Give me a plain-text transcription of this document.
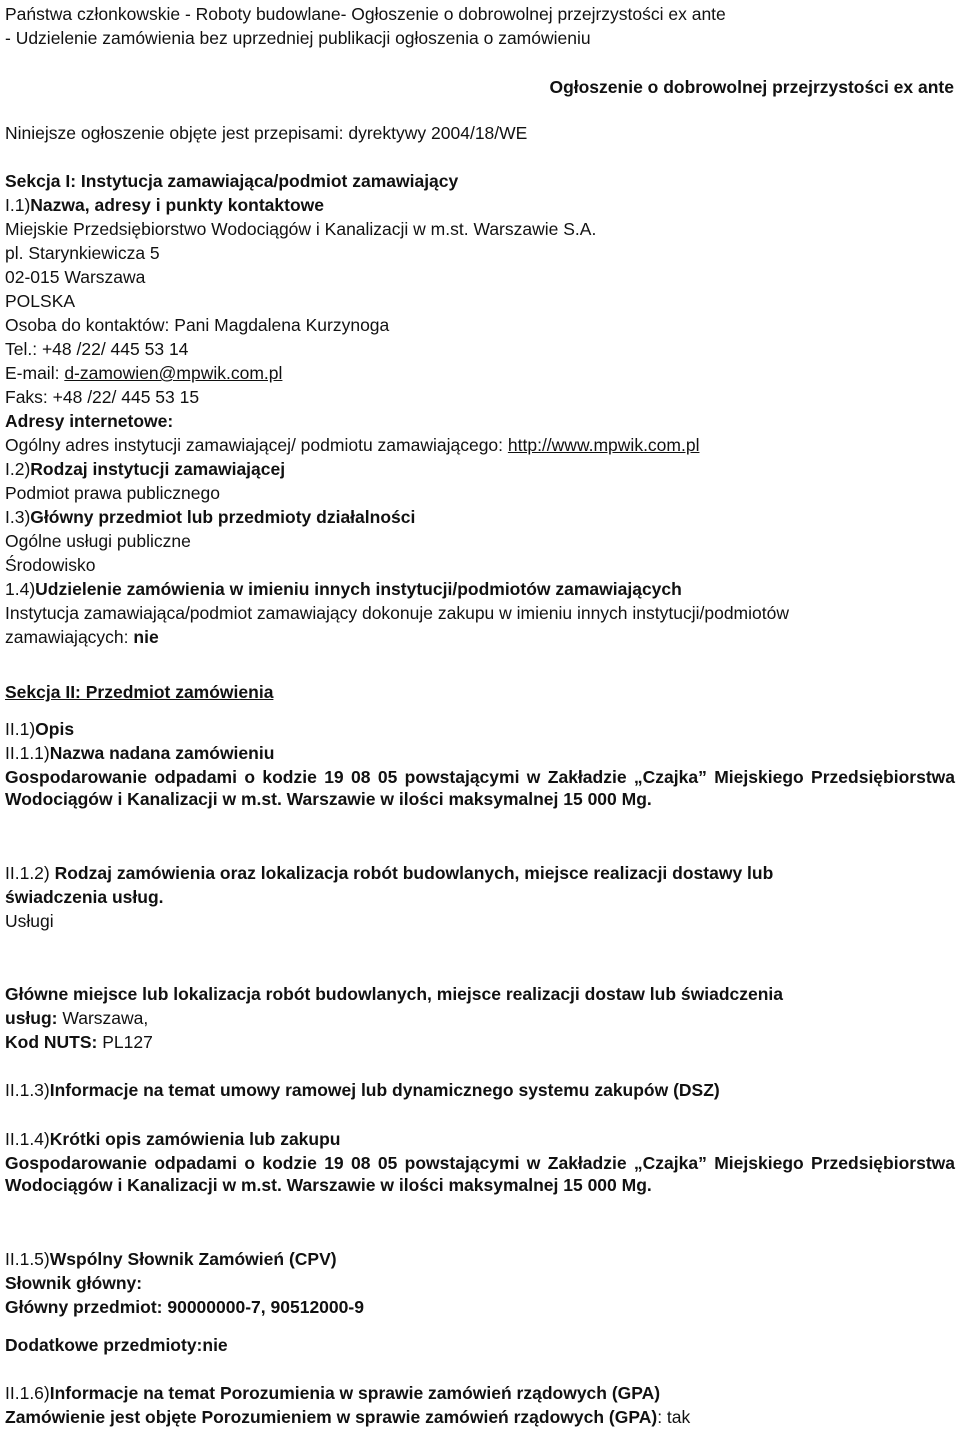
Państwa członkowskie - Roboty budowlane- Ogłoszenie o dobrowolnej przejrzystości ex ante
- Udzielenie zamówienia bez uprzedniej publikacji ogłoszenia o zamówieniu
Ogłoszenie o dobrowolnej przejrzystości ex ante
Niniejsze ogłoszenie objęte jest przepisami: dyrektywy 2004/18/WE
Sekcja I: Instytucja zamawiająca/podmiot zamawiający
I.1)Nazwa, adresy i punkty kontaktowe
Miejskie Przedsiębiorstwo Wodociągów i Kanalizacji w m.st. Warszawie S.A.
pl. Starynkiewicza 5
02-015 Warszawa
POLSKA
Osoba do kontaktów: Pani Magdalena Kurzynoga
Tel.: +48 /22/ 445 53 14
E-mail: d-zamowien@mpwik.com.pl
Faks: +48 /22/ 445 53 15
Adresy internetowe:
Ogólny adres instytucji zamawiającej/ podmiotu zamawiającego: http://www.mpwik.com.pl
I.2)Rodzaj instytucji zamawiającej
Podmiot prawa publicznego
I.3)Główny przedmiot lub przedmioty działalności
Ogólne usługi publiczne
Środowisko
1.4)Udzielenie zamówienia w imieniu innych instytucji/podmiotów zamawiających
Instytucja zamawiająca/podmiot zamawiający dokonuje zakupu w imieniu innych instytucji/podmiotów
zamawiających: nie
Sekcja II: Przedmiot zamówienia
II.1)Opis
II.1.1)Nazwa nadana zamówieniu
Gospodarowanie odpadami o kodzie 19 08 05 powstającymi w Zakładzie „Czajka” Miejskiego Przedsiębiorstwa Wodociągów i Kanalizacji w m.st. Warszawie w ilości maksymalnej 15 000 Mg.
II.1.2) Rodzaj zamówienia oraz lokalizacja robót budowlanych, miejsce realizacji dostawy lub
świadczenia usług.
Usługi
Główne miejsce lub lokalizacja robót budowlanych, miejsce realizacji dostaw lub świadczenia
usług: Warszawa,
Kod NUTS: PL127
II.1.3)Informacje na temat umowy ramowej lub dynamicznego systemu zakupów (DSZ)
II.1.4)Krótki opis zamówienia lub zakupu
Gospodarowanie odpadami o kodzie 19 08 05 powstającymi w Zakładzie „Czajka” Miejskiego Przedsiębiorstwa Wodociągów i Kanalizacji w m.st. Warszawie w ilości maksymalnej 15 000 Mg.
II.1.5)Wspólny Słownik Zamówień (CPV)
Słownik główny:
Główny przedmiot: 90000000-7, 90512000-9
Dodatkowe przedmioty:nie
II.1.6)Informacje na temat Porozumienia w sprawie zamówień rządowych (GPA)
Zamówienie jest objęte Porozumieniem w sprawie zamówień rządowych (GPA): tak
